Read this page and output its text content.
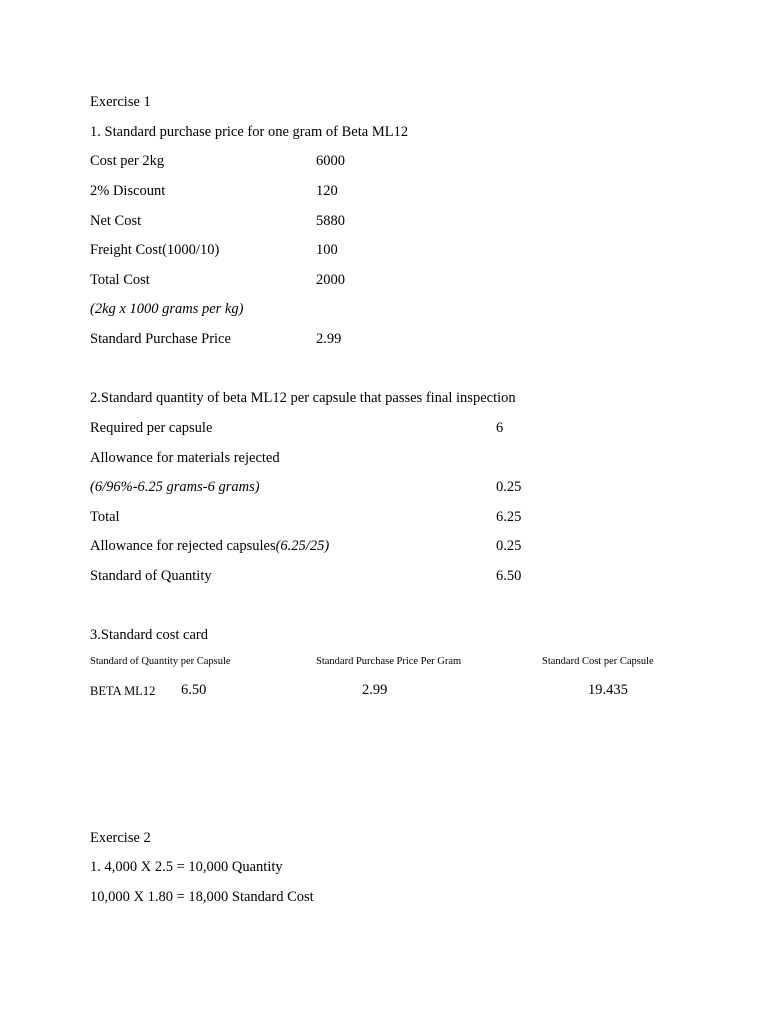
Exercise 1
1. Standard purchase price for one gram of Beta ML12
Cost per 2kg	6000
2% Discount	120
Net Cost	5880
Freight Cost(1000/10)	100
Total Cost	2000
(2kg x 1000 grams per kg)
Standard Purchase Price	2.99
2.Standard quantity of beta ML12 per capsule that passes final inspection
Required per capsule	6
Allowance for materials rejected
(6/96%-6.25 grams-6 grams)	0.25
Total	6.25
Allowance for rejected capsules(6.25/25)	0.25
Standard of Quantity	6.50
3.Standard cost card
Standard of Quantity per Capsule	Standard Purchase Price Per Gram	Standard Cost per Capsule
BETA ML12 6.50	2.99	19.435
Exercise 2
1. 4,000 X 2.5 = 10,000 Quantity
10,000 X 1.80 = 18,000 Standard Cost
